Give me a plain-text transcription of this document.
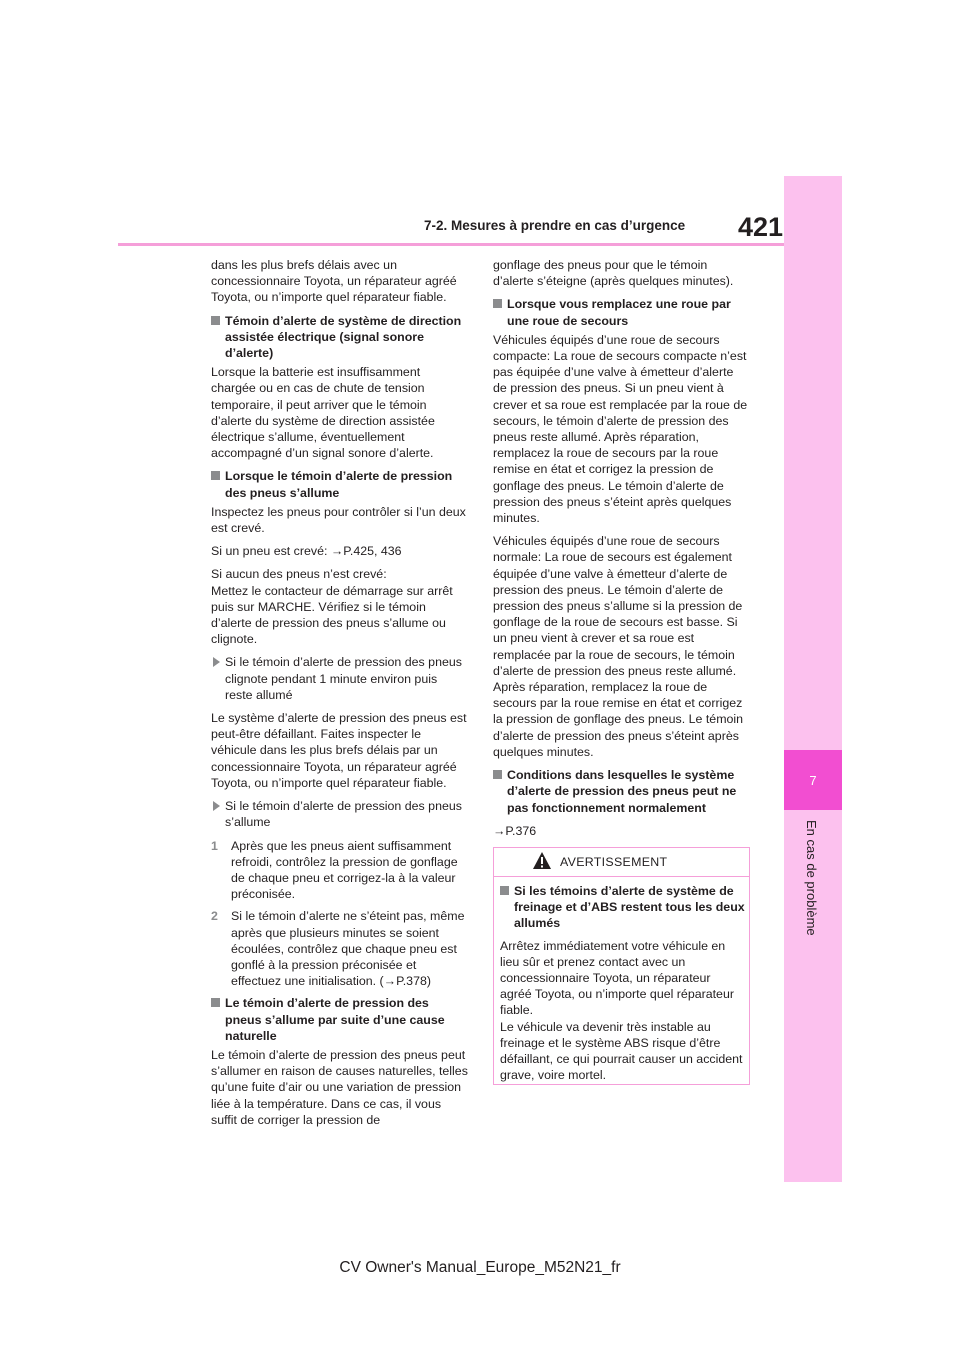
7-2. Mesures à prendre en cas d’urgence 421
7
En cas de problème

dans les plus brefs délais avec un concessionnaire Toyota, un réparateur agréé Toyota, ou n’importe quel réparateur fiable.

Témoin d’alerte de système de direction assistée électrique (signal sonore d’alerte)

Lorsque la batterie est insuffisamment chargée ou en cas de chute de tension temporaire, il peut arriver que le témoin d’alerte du système de direction assistée électrique s’allume, éventuellement accompagné d’un signal sonore d’alerte.

Lorsque le témoin d’alerte de pression des pneus s’allume

Inspectez les pneus pour contrôler si l’un deux est crevé.

Si un pneu est crevé: →P.425, 436

Si aucun des pneus n’est crevé:
Mettez le contacteur de démarrage sur arrêt puis sur MARCHE. Vérifiez si le témoin d’alerte de pression des pneus s’allume ou clignote.

Si le témoin d’alerte de pression des pneus clignote pendant 1 minute environ puis reste allumé

Le système d’alerte de pression des pneus est peut-être défaillant. Faites inspecter le véhicule dans les plus brefs délais par un concessionnaire Toyota, un réparateur agréé Toyota, ou n’importe quel réparateur fiable.

Si le témoin d’alerte de pression des pneus s’allume
1 Après que les pneus aient suffisamment refroidi, contrôlez la pression de gonflage de chaque pneu et corrigez-la à la valeur préconisée.
2 Si le témoin d’alerte ne s’éteint pas, même après que plusieurs minutes se soient écoulées, contrôlez que chaque pneu est gonflé à la pression préconisée et effectuez une initialisation. (→P.378)
Le témoin d’alerte de pression des pneus s’allume par suite d’une cause naturelle

Le témoin d’alerte de pression des pneus peut s’allumer en raison de causes naturelles, telles qu’une fuite d’air ou une variation de pression liée à la température. Dans ce cas, il vous suffit de corriger la pression de

gonflage des pneus pour que le témoin d’alerte s’éteigne (après quelques minutes).

Lorsque vous remplacez une roue par une roue de secours

Véhicules équipés d’une roue de secours compacte: La roue de secours compacte n’est pas équipée d’une valve à émetteur d’alerte de pression des pneus. Si un pneu vient à crever et sa roue est remplacée par la roue de secours, le témoin d’alerte de pression des pneus reste allumé. Après réparation, remplacez la roue de secours par la roue remise en état et corrigez la pression de gonflage des pneus. Le témoin d’alerte de pression des pneus s’éteint après quelques minutes.

Véhicules équipés d’une roue de secours normale: La roue de secours est également équipée d’une valve à émetteur d’alerte de pression des pneus. Le témoin d’alerte de pression des pneus s’allume si la pression de gonflage de la roue de secours est basse. Si un pneu vient à crever et sa roue est remplacée par la roue de secours, le témoin d’alerte de pression des pneus reste allumé. Après réparation, remplacez la roue de secours par la roue remise en état et corrigez la pression de gonflage des pneus. Le témoin d’alerte de pression des pneus s’éteint après quelques minutes.

Conditions dans lesquelles le système d’alerte de pression des pneus peut ne pas fonctionnement normalement

→P.376

AVERTISSEMENT
Si les témoins d’alerte de système de freinage et d’ABS restent tous les deux allumés

Arrêtez immédiatement votre véhicule en lieu sûr et prenez contact avec un concessionnaire Toyota, un réparateur agréé Toyota, ou n’importe quel réparateur fiable.
Le véhicule va devenir très instable au freinage et le système ABS risque d’être défaillant, ce qui pourrait causer un accident grave, voire mortel.

CV Owner's Manual_Europe_M52N21_fr
